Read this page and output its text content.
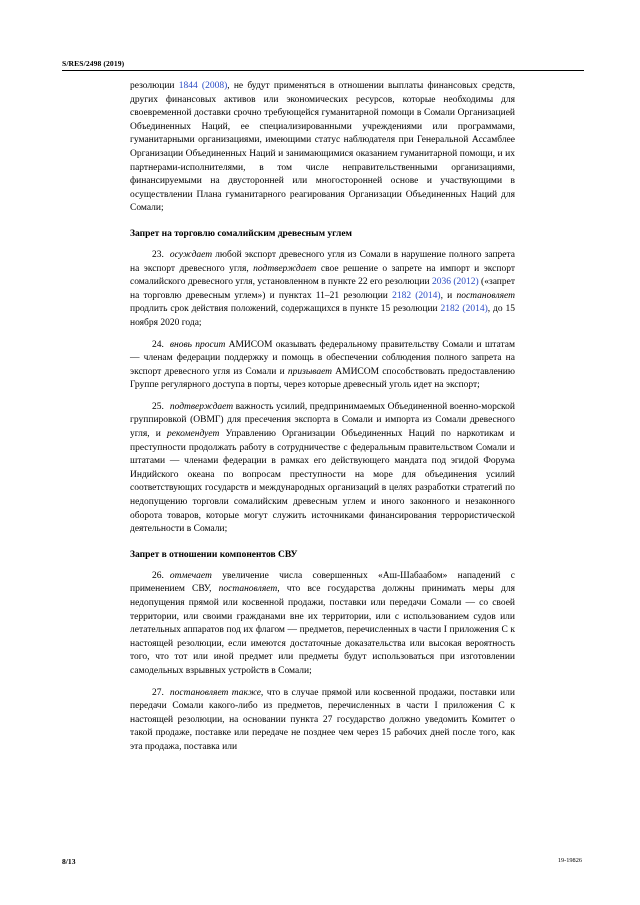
S/RES/2498 (2019)

резолюции 1844 (2008), не будут применяться в отношении выплаты финансовых средств, других финансовых активов или экономических ресурсов, которые необходимы для своевременной доставки срочно требующейся гуманитарной помощи в Сомали Организацией Объединенных Наций, ее специализированными учреждениями или программами, гуманитарными организациями, имеющими статус наблюдателя при Генеральной Ассамблее Организации Объединенных Наций и занимающимися оказанием гуманитарной помощи, и их партнерами-исполнителями, в том числе неправительственными организациями, финансируемыми на двусторонней или многосторонней основе и участвующими в осуществлении Плана гуманитарного реагирования Организации Объединенных Наций для Сомали;

Запрет на торговлю сомалийским древесным углем

23. осуждает любой экспорт древесного угля из Сомали в нарушение полного запрета на экспорт древесного угля, подтверждает свое решение о запрете на импорт и экспорт сомалийского древесного угля, установленном в пункте 22 его резолюции 2036 (2012) («запрет на торговлю древесным углем») и пунктах 11–21 резолюции 2182 (2014), и постановляет продлить срок действия положений, содержащихся в пункте 15 резолюции 2182 (2014), до 15 ноября 2020 года;

24. вновь просит АМИСОМ оказывать федеральному правительству Сомали и штатам — членам федерации поддержку и помощь в обеспечении соблюдения полного запрета на экспорт древесного угля из Сомали и призывает АМИСОМ способствовать предоставлению Группе регулярного доступа в порты, через которые древесный уголь идет на экспорт;

25. подтверждает важность усилий, предпринимаемых Объединенной военно-морской группировкой (ОВМГ) для пресечения экспорта в Сомали и импорта из Сомали древесного угля, и рекомендует Управлению Организации Объединенных Наций по наркотикам и преступности продолжать работу в сотрудничестве с федеральным правительством Сомали и штатами — членами федерации в рамках его действующего мандата под эгидой Форума Индийского океана по вопросам преступности на море для объединения усилий соответствующих государств и международных организаций в целях разработки стратегий по недопущению торговли сомалийским древесным углем и иного законного и незаконного оборота товаров, которые могут служить источниками финансирования террористической деятельности в Сомали;

Запрет в отношении компонентов СВУ

26. отмечает увеличение числа совершенных «Аш-Шабаабом» нападений с применением СВУ, постановляет, что все государства должны принимать меры для недопущения прямой или косвенной продажи, поставки или передачи Сомали — со своей территории, или своими гражданами вне их территории, или с использованием судов или летательных аппаратов под их флагом — предметов, перечисленных в части I приложения C к настоящей резолюции, если имеются достаточные доказательства или высокая вероятность того, что тот или иной предмет или предметы будут использоваться при изготовлении самодельных взрывных устройств в Сомали;

27. постановляет также, что в случае прямой или косвенной продажи, поставки или передачи Сомали какого-либо из предметов, перечисленных в части I приложения C к настоящей резолюции, на основании пункта 27 государство должно уведомить Комитет о такой продаже, поставке или передаче не позднее чем через 15 рабочих дней после того, как эта продажа, поставка или

8/13	19-19826
